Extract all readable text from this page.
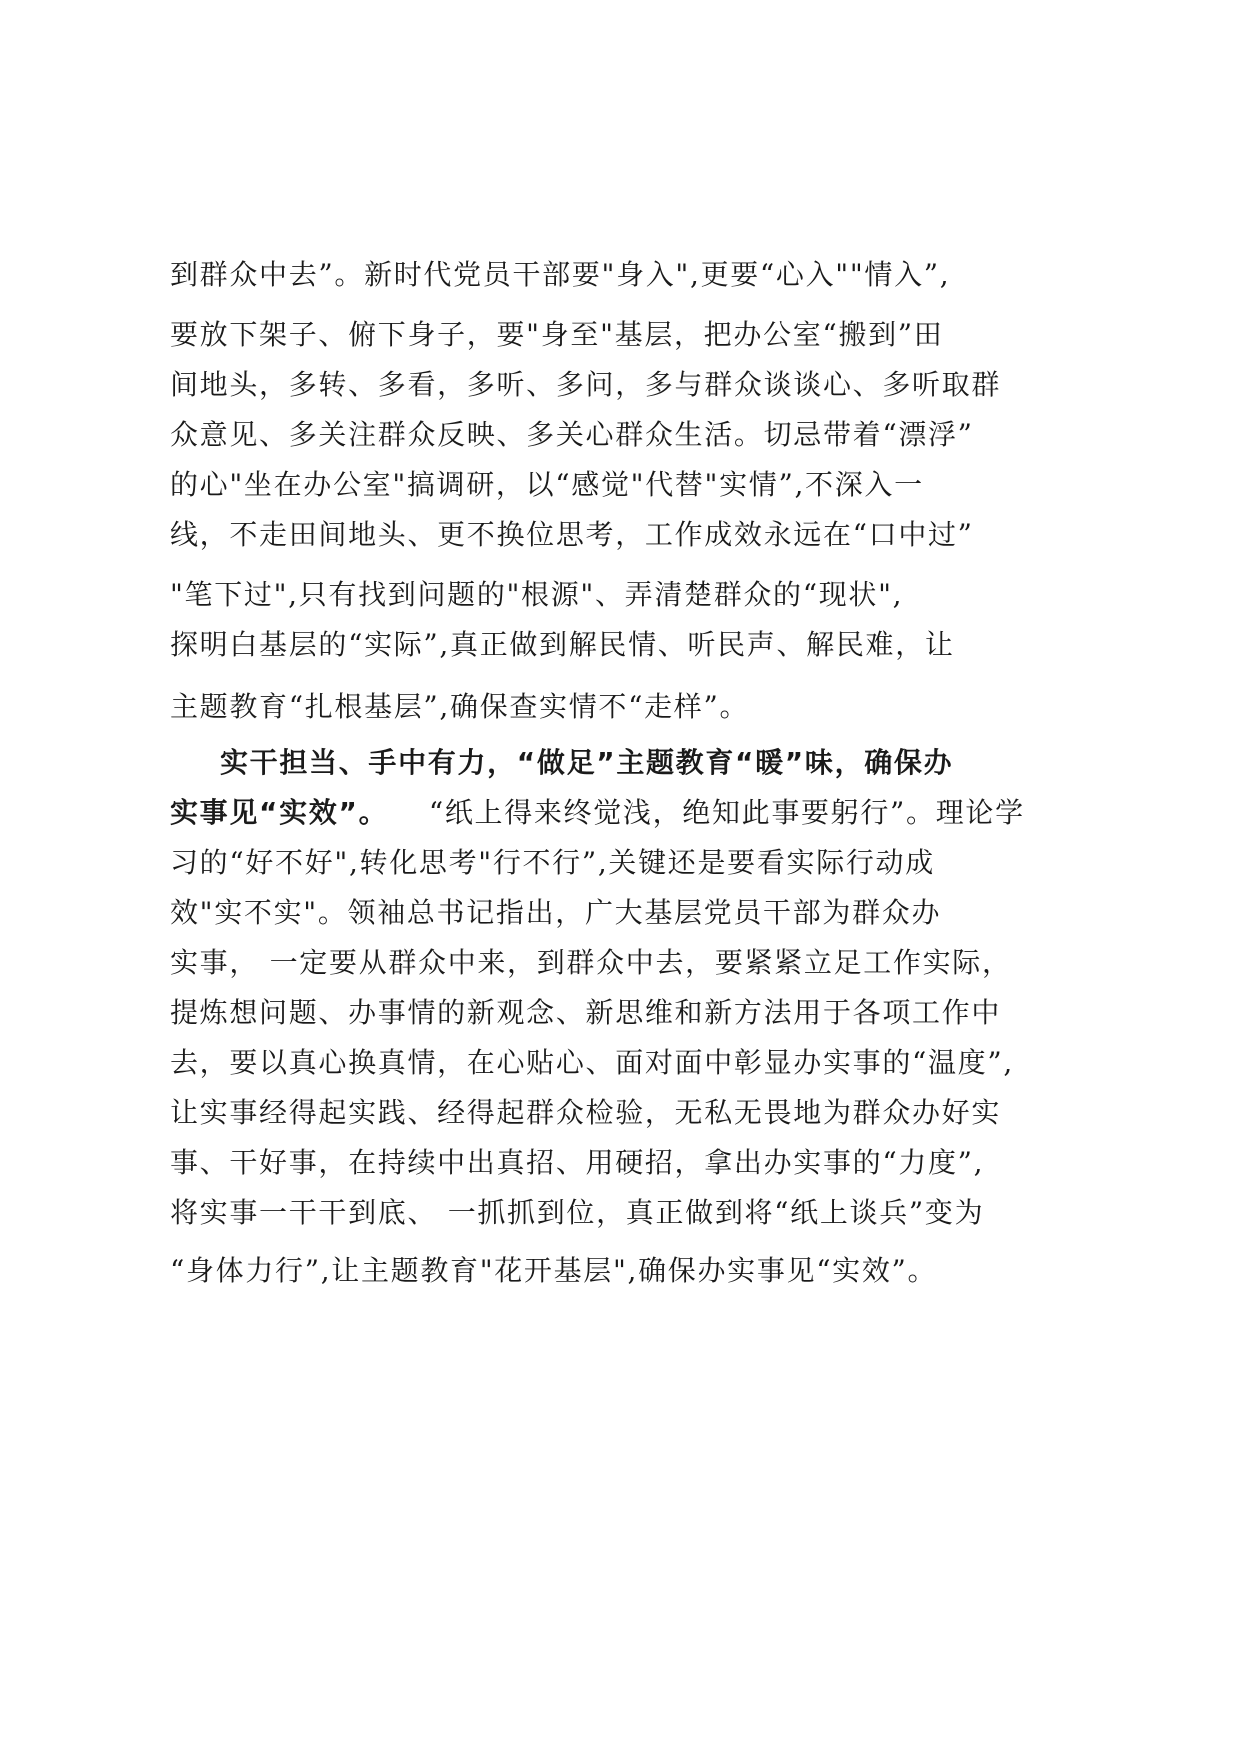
到群众中去”。新时代党员干部要"身入",更要“心入""情入”,
要放下架子、俯下身子，要"身至"基层，把办公室“搬到”田
间地头，多转、多看，多听、多问，多与群众谈谈心、多听取群
众意见、多关注群众反映、多关心群众生活。切忌带着“漂浮”
的心"坐在办公室"搞调研，以“感觉"代替"实情”,不深入一
线，不走田间地头、更不换位思考，工作成效永远在“口中过”
"笔下过",只有找到问题的"根源"、弄清楚群众的“现状",
探明白基层的“实际”,真正做到解民情、听民声、解民难，让
主题教育“扎根基层”,确保查实情不“走样”。
实干担当、手中有力，“做足”主题教育“暖”味，确保办
实事见“实效”。 “纸上得来终觉浅，绝知此事要躬行”。理论学
习的“好不好",转化思考"行不行”,关键还是要看实际行动成
效"实不实"。领袖总书记指出，广大基层党员干部为群众办
实事， 一定要从群众中来，到群众中去，要紧紧立足工作实际，
提炼想问题、办事情的新观念、新思维和新方法用于各项工作中
去，要以真心换真情，在心贴心、面对面中彰显办实事的“温度”,
让实事经得起实践、经得起群众检验，无私无畏地为群众办好实
事、干好事，在持续中出真招、用硬招，拿出办实事的“力度”,
将实事一干干到底、 一抓抓到位，真正做到将“纸上谈兵”变为
“身体力行”,让主题教育"花开基层",确保办实事见“实效”。
